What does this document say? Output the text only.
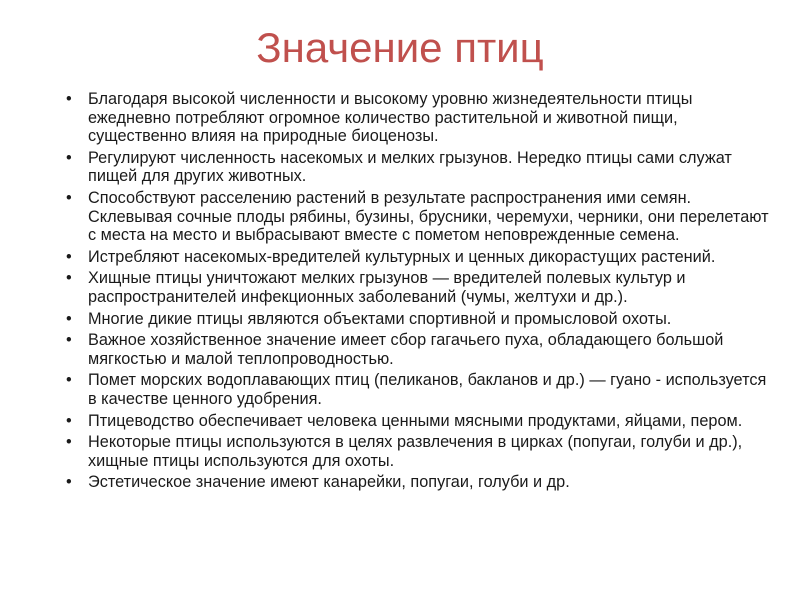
Значение птиц
• Благодаря высокой численности и высокому уровню жизнедеятельности птицы ежедневно потребляют огромное количество растительной и животной пищи, существенно влияя на природные биоценозы.
• Регулируют численность насекомых и мелких грызунов. Нередко птицы сами служат пищей для других животных.
• Способствуют расселению растений в результате распространения ими семян. Склевывая сочные плоды рябины, бузины, брусники, черемухи, черники, они перелетают с места на место и выбрасывают вместе с пометом неповрежденные семена.
• Истребляют насекомых-вредителей культурных и ценных дикорастущих растений.
• Хищные птицы уничтожают мелких грызунов — вредителей полевых культур и распространителей инфекционных заболеваний (чумы, желтухи и др.).
• Многие дикие птицы являются объектами спортивной и промысловой охоты.
• Важное хозяйственное значение имеет сбор гагачьего пуха, обладающего большой мягкостью и малой теплопроводностью.
• Помет морских водоплавающих птиц (пеликанов, бакланов и др.) — гуано - используется в качестве ценного удобрения.
• Птицеводство обеспечивает человека ценными мясными продуктами, яйцами, пером.
• Некоторые птицы используются в целях развлечения в цирках (попугаи, голуби и др.), хищные птицы используются для охоты.
• Эстетическое значение имеют канарейки, попугаи, голуби и др.
